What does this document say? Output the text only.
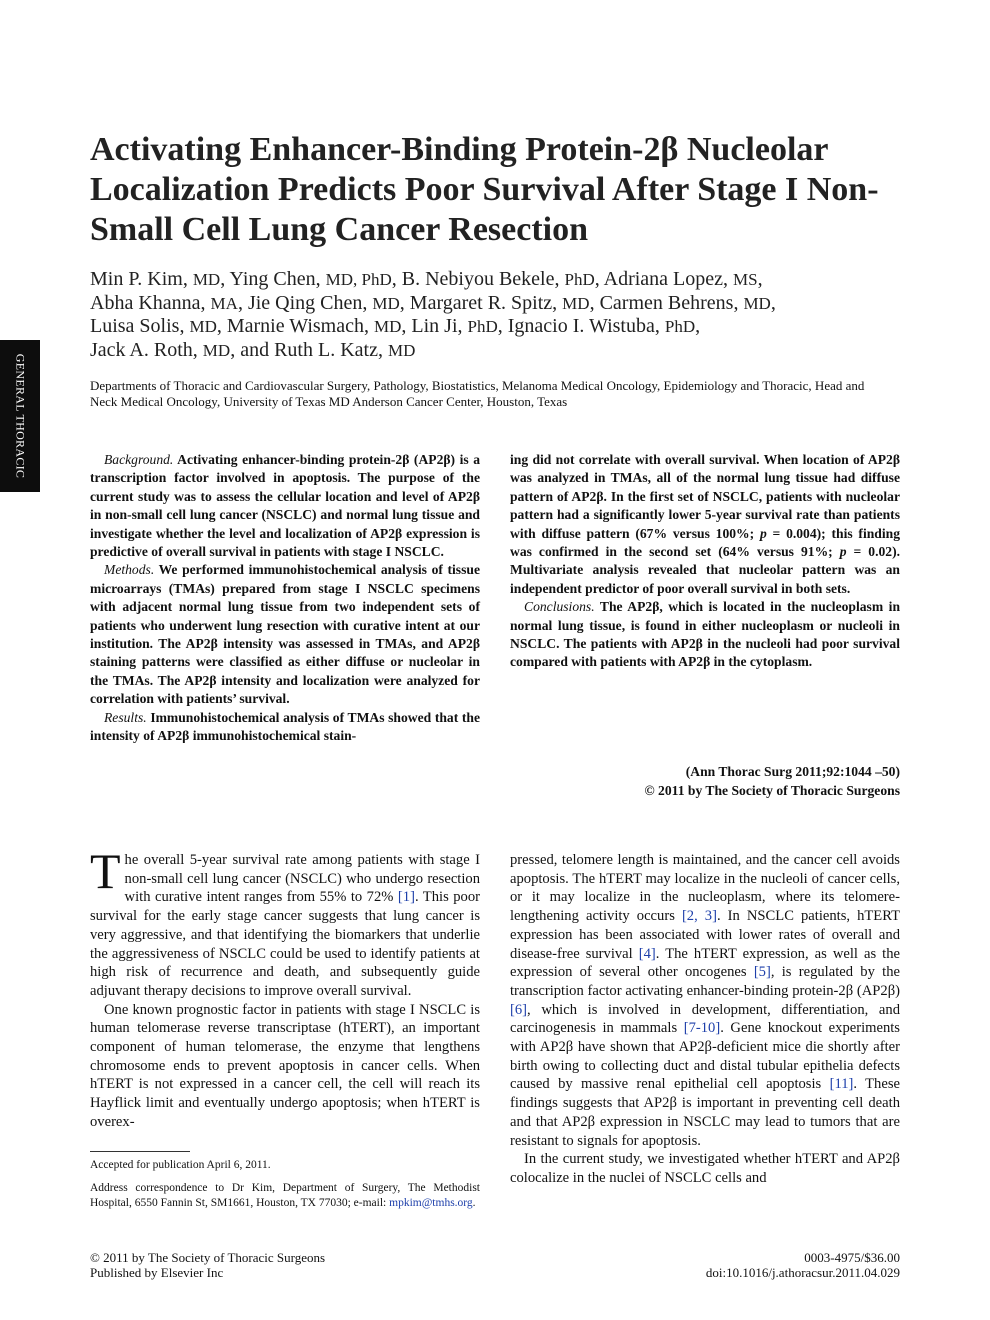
GENERAL THORACIC
Activating Enhancer-Binding Protein-2β Nucleolar Localization Predicts Poor Survival After Stage I Non-Small Cell Lung Cancer Resection

Min P. Kim, MD, Ying Chen, MD, PhD, B. Nebiyou Bekele, PhD, Adriana Lopez, MS,
Abha Khanna, MA, Jie Qing Chen, MD, Margaret R. Spitz, MD, Carmen Behrens, MD,
Luisa Solis, MD, Marnie Wismach, MD, Lin Ji, PhD, Ignacio I. Wistuba, PhD,
Jack A. Roth, MD, and Ruth L. Katz, MD

Departments of Thoracic and Cardiovascular Surgery, Pathology, Biostatistics, Melanoma Medical Oncology, Epidemiology and Thoracic, Head and Neck Medical Oncology, University of Texas MD Anderson Cancer Center, Houston, Texas

Background. Activating enhancer-binding protein-2β (AP2β) is a transcription factor involved in apoptosis. The purpose of the current study was to assess the cellular location and level of AP2β in non-small cell lung cancer (NSCLC) and normal lung tissue and investigate whether the level and localization of AP2β expression is predictive of overall survival in patients with stage I NSCLC.

Methods. We performed immunohistochemical analysis of tissue microarrays (TMAs) prepared from stage I NSCLC specimens with adjacent normal lung tissue from two independent sets of patients who underwent lung resection with curative intent at our institution. The AP2β intensity was assessed in TMAs, and AP2β staining patterns were classified as either diffuse or nucleolar in the TMAs. The AP2β intensity and localization were analyzed for correlation with patients’ survival.

Results. Immunohistochemical analysis of TMAs showed that the intensity of AP2β immunohistochemical stain-

ing did not correlate with overall survival. When location of AP2β was analyzed in TMAs, all of the normal lung tissue had diffuse pattern of AP2β. In the first set of NSCLC, patients with nucleolar pattern had a significantly lower 5-year survival rate than patients with diffuse pattern (67% versus 100%; p = 0.004); this finding was confirmed in the second set (64% versus 91%; p = 0.02). Multivariate analysis revealed that nucleolar pattern was an independent predictor of poor overall survival in both sets.

Conclusions. The AP2β, which is located in the nucleoplasm in normal lung tissue, is found in either nucleoplasm or nucleoli in NSCLC. The patients with AP2β in the nucleoli had poor survival compared with patients with AP2β in the cytoplasm.

(Ann Thorac Surg 2011;92:1044 –50)
© 2011 by The Society of Thoracic Surgeons

The overall 5-year survival rate among patients with stage I non-small cell lung cancer (NSCLC) who undergo resection with curative intent ranges from 55% to 72% [1]. This poor survival for the early stage cancer suggests that lung cancer is very aggressive, and that identifying the biomarkers that underlie the aggressiveness of NSCLC could be used to identify patients at high risk of recurrence and death, and subsequently guide adjuvant therapy decisions to improve overall survival.

One known prognostic factor in patients with stage I NSCLC is human telomerase reverse transcriptase (hTERT), an important component of human telomerase, the enzyme that lengthens chromosome ends to prevent apoptosis in cancer cells. When hTERT is not expressed in a cancer cell, the cell will reach its Hayflick limit and eventually undergo apoptosis; when hTERT is overex-

pressed, telomere length is maintained, and the cancer cell avoids apoptosis. The hTERT may localize in the nucleoli of cancer cells, or it may localize in the nucleoplasm, where its telomere-lengthening activity occurs [2, 3]. In NSCLC patients, hTERT expression has been associated with lower rates of overall and disease-free survival [4]. The hTERT expression, as well as the expression of several other oncogenes [5], is regulated by the transcription factor activating enhancer-binding protein-2β (AP2β) [6], which is involved in development, differentiation, and carcinogenesis in mammals [7-10]. Gene knockout experiments with AP2β have shown that AP2β-deficient mice die shortly after birth owing to collecting duct and distal tubular epithelia defects caused by massive renal epithelial cell apoptosis [11]. These findings suggests that AP2β is important in preventing cell death and that AP2β expression in NSCLC may lead to tumors that are resistant to signals for apoptosis.

In the current study, we investigated whether hTERT and AP2β colocalize in the nuclei of NSCLC cells and

Accepted for publication April 6, 2011.

Address correspondence to Dr Kim, Department of Surgery, The Methodist Hospital, 6550 Fannin St, SM1661, Houston, TX 77030; e-mail: mpkim@tmhs.org.

© 2011 by The Society of Thoracic Surgeons
Published by Elsevier Inc
0003-4975/$36.00
doi:10.1016/j.athoracsur.2011.04.029
